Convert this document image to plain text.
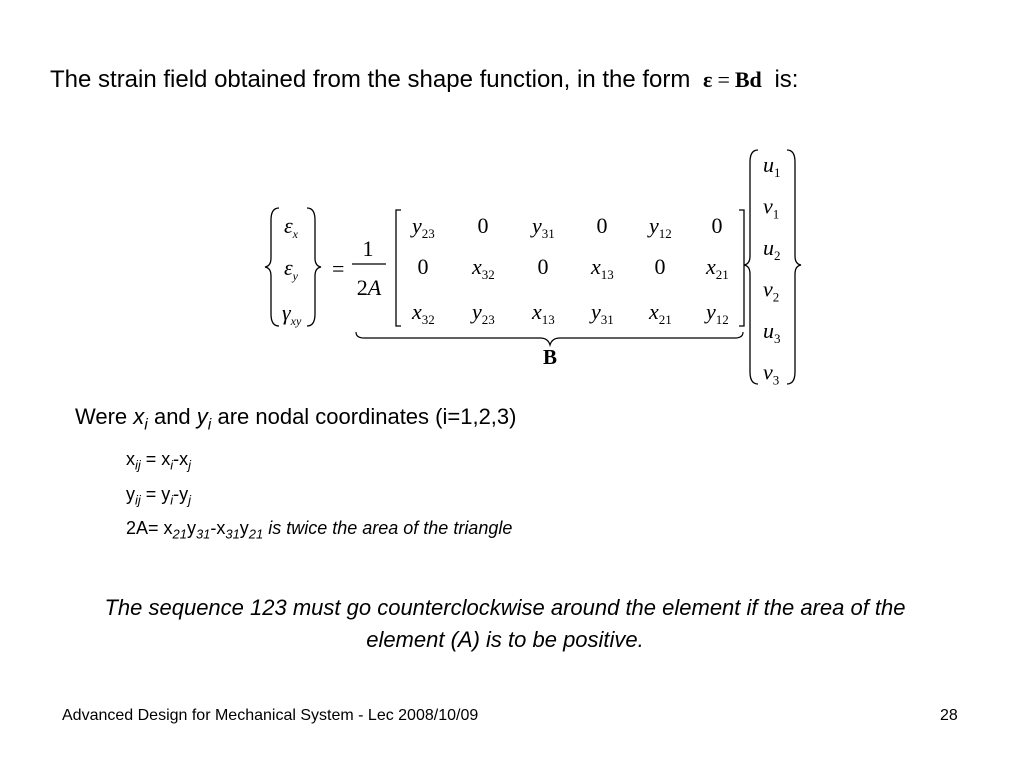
The strain field obtained from the shape function, in the form ε = Bd is:
$\varepsilon_x$
$\varepsilon_y$
$\gamma_{xy}$
=
1
2A
$y_{23}$ 0 $y_{31}$ 0 $y_{12}$ 0
0 $x_{32}$ 0 $x_{13}$ 0 $x_{21}$
$x_{32}$ $y_{23}$ $x_{13}$ $y_{31}$ $x_{21}$ $y_{12}$
B
$u_1$
$v_1$
$u_2$
$v_2$
$u_3$
$v_3$
Were $x_i$ and $y_i$ are nodal coordinates (i=1,2,3)
$x_{ij} = x_i-x_j$
$y_{ij} = y_i-y_j$
$2A= x_{21}y_{31}-x_{31}y_{21}$ is twice the area of the triangle
The sequence 123 must go counterclockwise around the element if the area of the element (A) is to be positive.
Advanced Design for Mechanical System - Lec 2008/10/09	28
